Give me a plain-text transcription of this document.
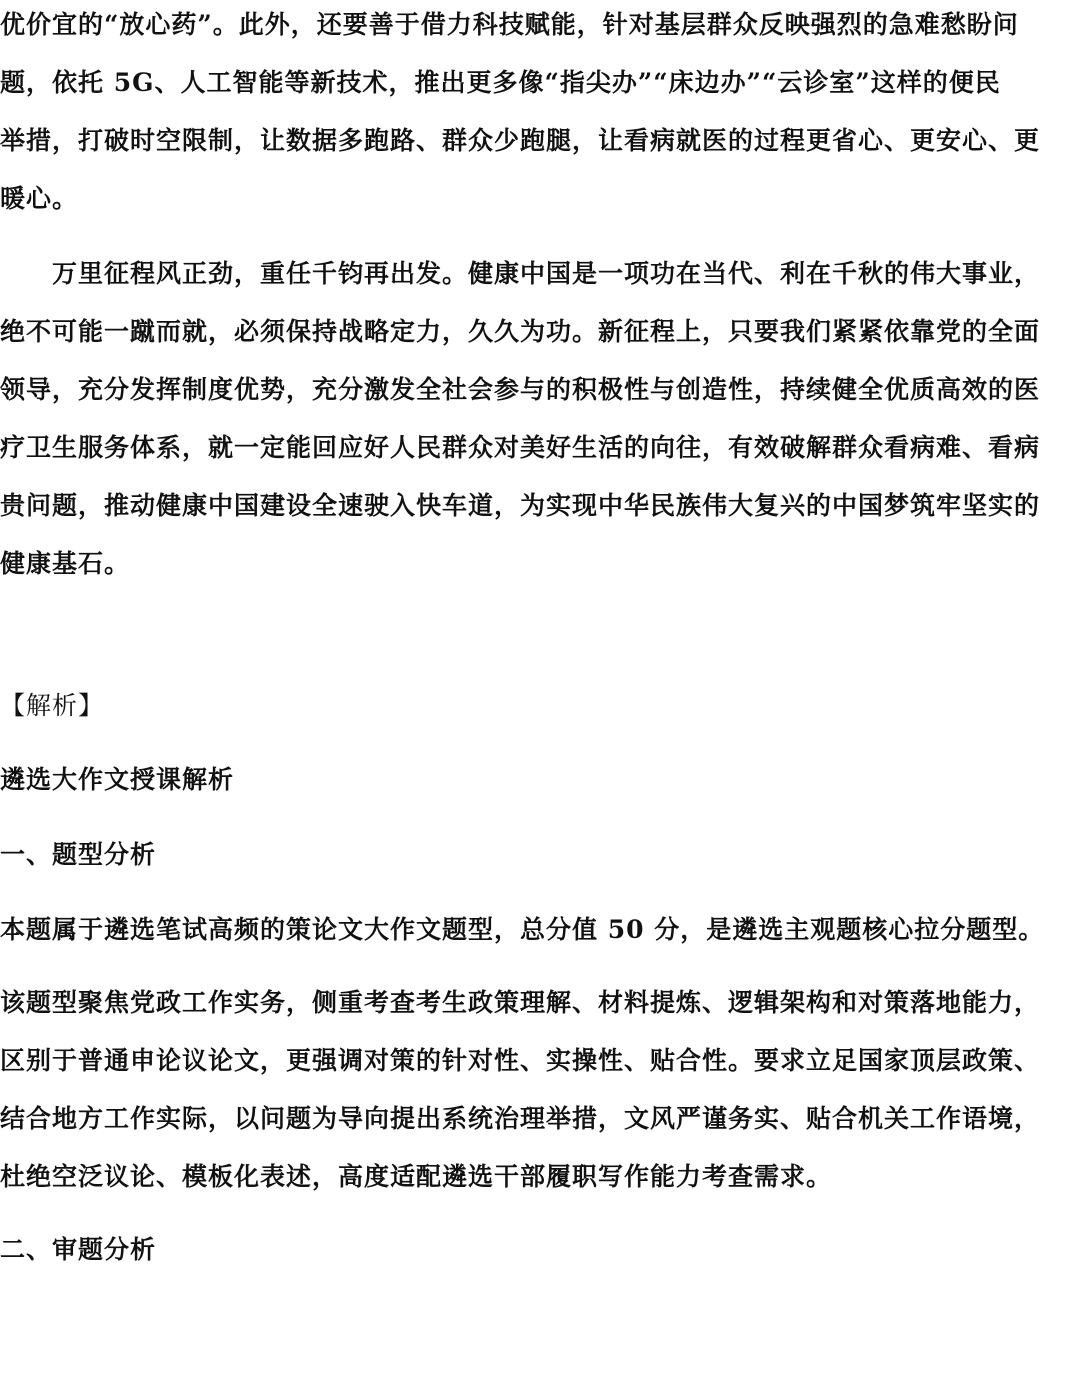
优价宜的“放心药”。此外，还要善于借力科技赋能，针对基层群众反映强烈的急难愁盼问
题，依托 5G、人工智能等新技术，推出更多像“指尖办”“床边办”“云诊室”这样的便民
举措，打破时空限制，让数据多跑路、群众少跑腿，让看病就医的过程更省心、更安心、更
暖心。

万里征程风正劲，重任千钧再出发。健康中国是一项功在当代、利在千秋的伟大事业，
绝不可能一蹴而就，必须保持战略定力，久久为功。新征程上，只要我们紧紧依靠党的全面
领导，充分发挥制度优势，充分激发全社会参与的积极性与创造性，持续健全优质高效的医
疗卫生服务体系，就一定能回应好人民群众对美好生活的向往，有效破解群众看病难、看病
贵问题，推动健康中国建设全速驶入快车道，为实现中华民族伟大复兴的中国梦筑牢坚实的
健康基石。

【解析】

遴选大作文授课解析

一、题型分析

本题属于遴选笔试高频的策论文大作文题型，总分值 50 分，是遴选主观题核心拉分题型。

该题型聚焦党政工作实务，侧重考查考生政策理解、材料提炼、逻辑架构和对策落地能力，
区别于普通申论议论文，更强调对策的针对性、实操性、贴合性。要求立足国家顶层政策、
结合地方工作实际，以问题为导向提出系统治理举措，文风严谨务实、贴合机关工作语境，
杜绝空泛议论、模板化表述，高度适配遴选干部履职写作能力考查需求。

二、审题分析
